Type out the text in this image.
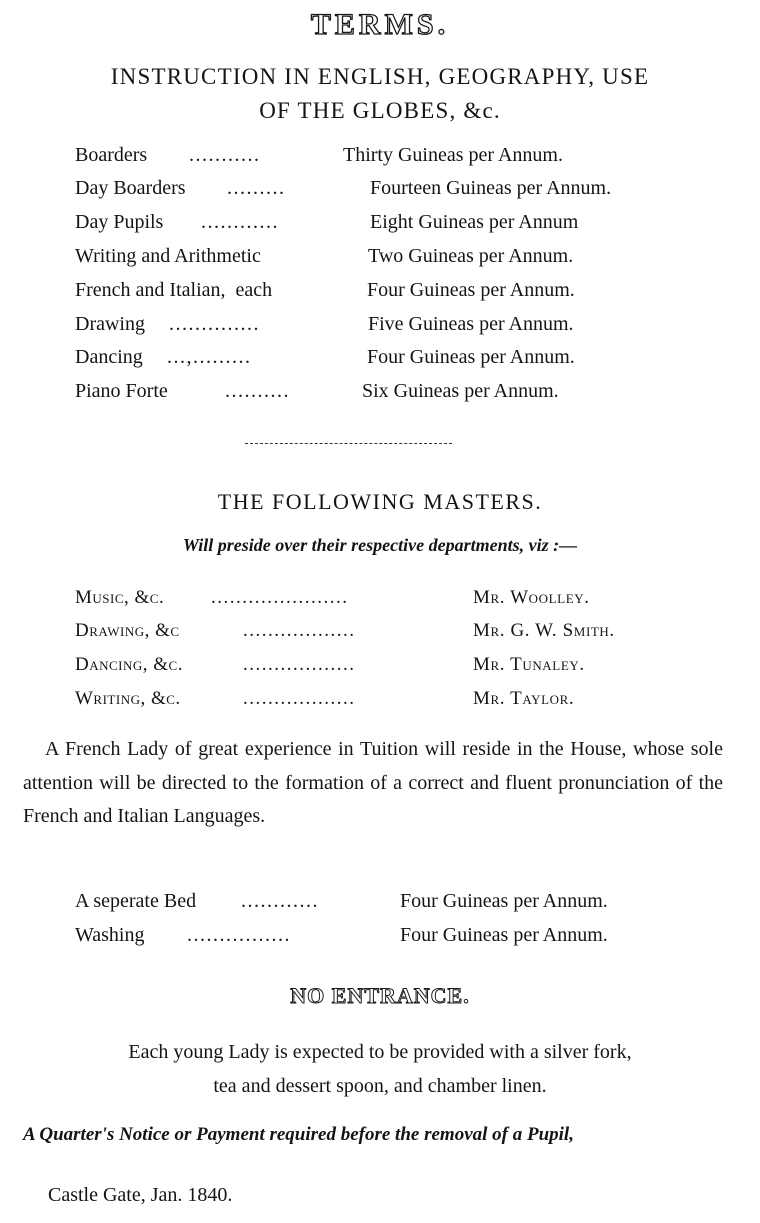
TERMS.
INSTRUCTION IN ENGLISH, GEOGRAPHY, USE
OF THE GLOBES, &c.
Boarders ...........	Thirty Guineas per Annum.
Day Boarders .........	Fourteen Guineas per Annum.
Day Pupils ............	Eight Guineas per Annum
Writing and Arithmetic	Two Guineas per Annum.
French and Italian,  each	Four Guineas per Annum.
Drawing ..............	Five Guineas per Annum.
Dancing ...,.........	Four Guineas per Annum.
Piano Forte	..........	Six Guineas per Annum.
THE FOLLOWING MASTERS.
Will preside over their respective departments, viz :—
Music, &c. ......................	Mr. Woolley.
Drawing, &c	..................	Mr. G. W. Smith.
Dancing, &c.	..................	Mr. Tunaley.
Writing, &c.	..................	Mr. Taylor.
A French Lady of great experience in Tuition will reside in the House, whose sole attention will be directed to the formation of a correct and fluent pronunciation of the French and Italian Languages.
A seperate Bed ............	Four Guineas per Annum.
Washing ................	Four Guineas per Annum.
NO ENTRANCE.
Each young Lady is expected to be provided with a silver fork,
tea and dessert spoon, and chamber linen.
A Quarter's Notice or Payment required before the removal of a Pupil,
Castle Gate, Jan. 1840.
